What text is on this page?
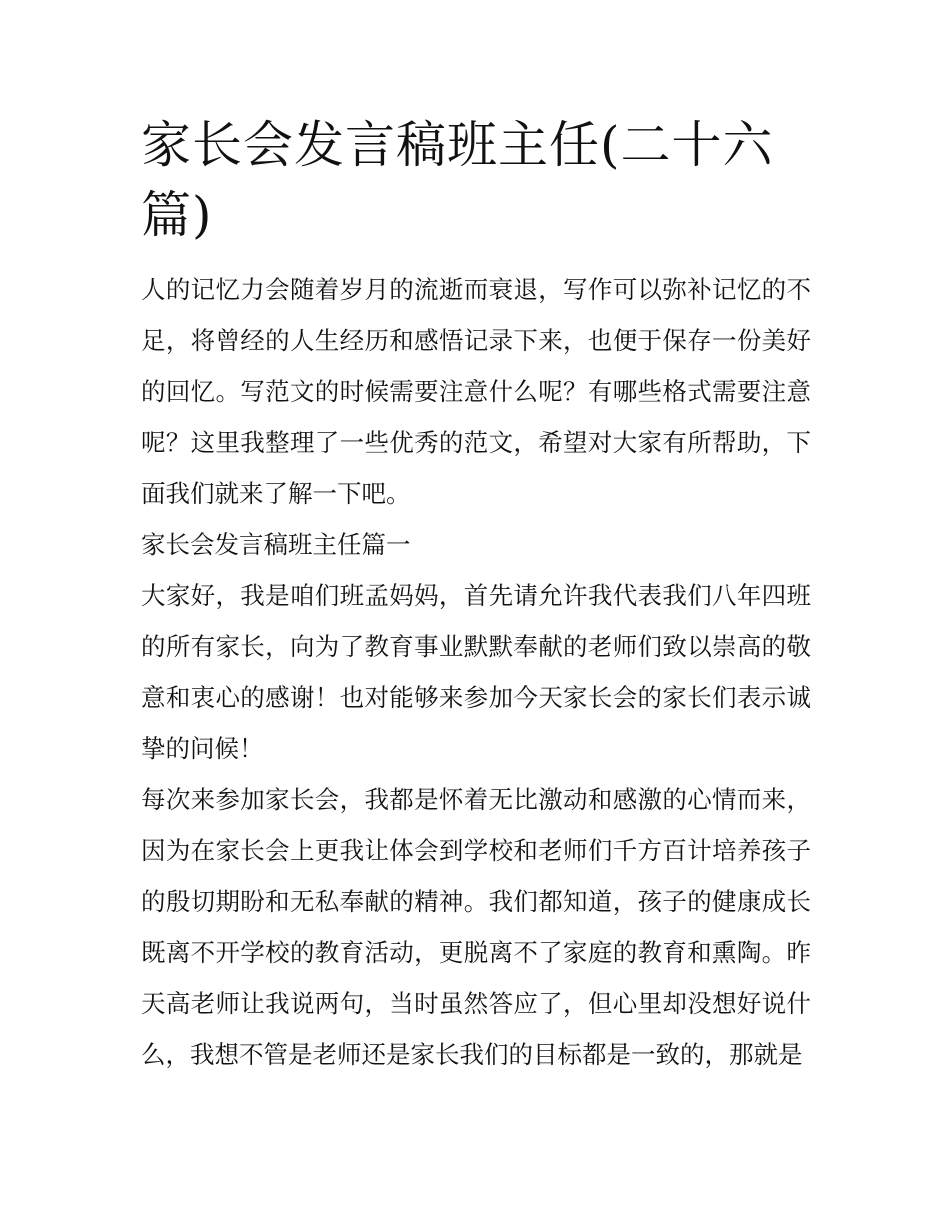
家长会发言稿班主任(二十六篇)

人的记忆力会随着岁月的流逝而衰退，写作可以弥补记忆的不足，将曾经的人生经历和感悟记录下来，也便于保存一份美好的回忆。写范文的时候需要注意什么呢？有哪些格式需要注意呢？这里我整理了一些优秀的范文，希望对大家有所帮助，下面我们就来了解一下吧。

家长会发言稿班主任篇一

大家好，我是咱们班孟妈妈，首先请允许我代表我们八年四班的所有家长，向为了教育事业默默奉献的老师们致以崇高的敬意和衷心的感谢！也对能够来参加今天家长会的家长们表示诚挚的问候！

每次来参加家长会，我都是怀着无比激动和感激的心情而来，因为在家长会上更我让体会到学校和老师们千方百计培养孩子的殷切期盼和无私奉献的精神。我们都知道，孩子的健康成长既离不开学校的教育活动，更脱离不了家庭的教育和熏陶。昨天高老师让我说两句，当时虽然答应了，但心里却没想好说什么，我想不管是老师还是家长我们的目标都是一致的，那就是
